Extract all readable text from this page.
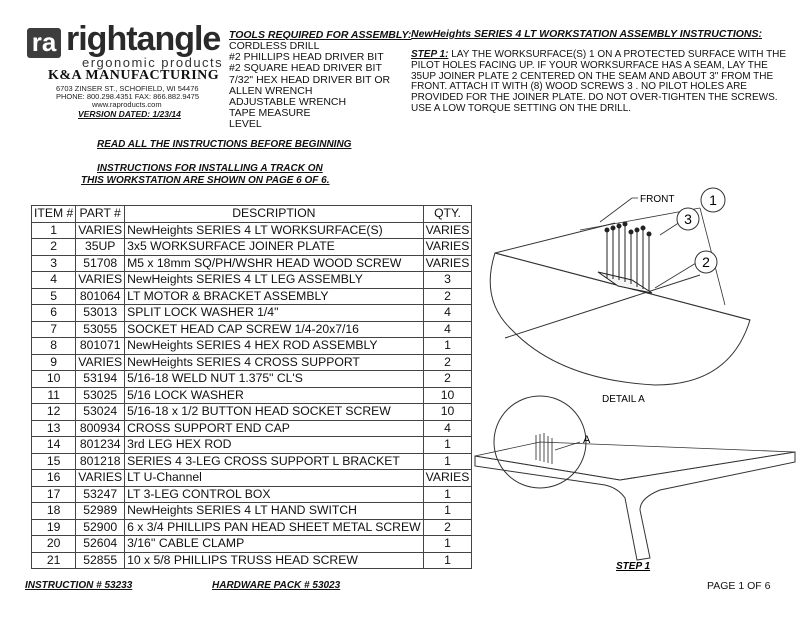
ra rightangle
ergonomic products
K&A MANUFACTURING
6703 ZINSER ST., SCHOFIELD, WI 54476
PHONE: 800.298.4351 FAX: 866.882.9475
www.raproducts.com
VERSION DATED: 1/23/14
TOOLS REQUIRED FOR ASSEMBLY:
CORDLESS DRILL
#2 PHILLIPS HEAD DRIVER BIT
#2 SQUARE HEAD DRIVER BIT
7/32" HEX HEAD DRIVER BIT OR
ALLEN WRENCH
ADJUSTABLE WRENCH
TAPE MEASURE
LEVEL
NewHeights SERIES 4 LT WORKSTATION ASSEMBLY INSTRUCTIONS:
STEP 1: LAY THE WORKSURFACE(S) 1 ON A PROTECTED SURFACE WITH THE
PILOT HOLES FACING UP. IF YOUR WORKSURFACE HAS A SEAM, LAY THE
35UP JOINER PLATE 2 CENTERED ON THE SEAM AND ABOUT 3" FROM THE
FRONT. ATTACH IT WITH (8) WOOD SCREWS 3 . NO PILOT HOLES ARE
PROVIDED FOR THE JOINER PLATE. DO NOT OVER-TIGHTEN THE SCREWS.
USE A LOW TORQUE SETTING ON THE DRILL.
READ ALL THE INSTRUCTIONS BEFORE BEGINNING
INSTRUCTIONS FOR INSTALLING A TRACK ON
THIS WORKSTATION ARE SHOWN ON PAGE 6 OF 6.
ITEM #	PART #	DESCRIPTION	QTY.
1	VARIES	NewHeights SERIES 4 LT WORKSURFACE(S)	VARIES
2	35UP	3x5 WORKSURFACE JOINER PLATE	VARIES
3	51708	M5 x 18mm SQ/PH/WSHR HEAD WOOD SCREW	VARIES
4	VARIES	NewHeights SERIES 4 LT LEG ASSEMBLY	3
5	801064	LT MOTOR & BRACKET ASSEMBLY	2
6	53013	SPLIT LOCK WASHER 1/4"	4
7	53055	SOCKET HEAD CAP SCREW 1/4-20x7/16	4
8	801071	NewHeights SERIES 4 HEX ROD ASSEMBLY	1
9	VARIES	NewHeights SERIES 4 CROSS SUPPORT	2
10	53194	5/16-18 WELD NUT 1.375" CL'S	2
11	53025	5/16 LOCK WASHER	10
12	53024	5/16-18 x 1/2 BUTTON HEAD SOCKET SCREW	10
13	800934	CROSS SUPPORT END CAP	4
14	801234	3rd LEG HEX ROD	1
15	801218	SERIES 4 3-LEG CROSS SUPPORT L BRACKET	1
16	VARIES	LT U-Channel	VARIES
17	53247	LT 3-LEG CONTROL BOX	1
18	52989	NewHeights SERIES 4 LT HAND SWITCH	1
19	52900	6 x 3/4 PHILLIPS PAN HEAD SHEET METAL SCREW	2
20	52604	3/16'' CABLE CLAMP	1
21	52855	10 x 5/8 PHILLIPS TRUSS HEAD SCREW	1
FRONT 1
3
2
DETAIL A
A
STEP 1
INSTRUCTION # 53233	HARDWARE PACK # 53023	PAGE 1 OF 6
